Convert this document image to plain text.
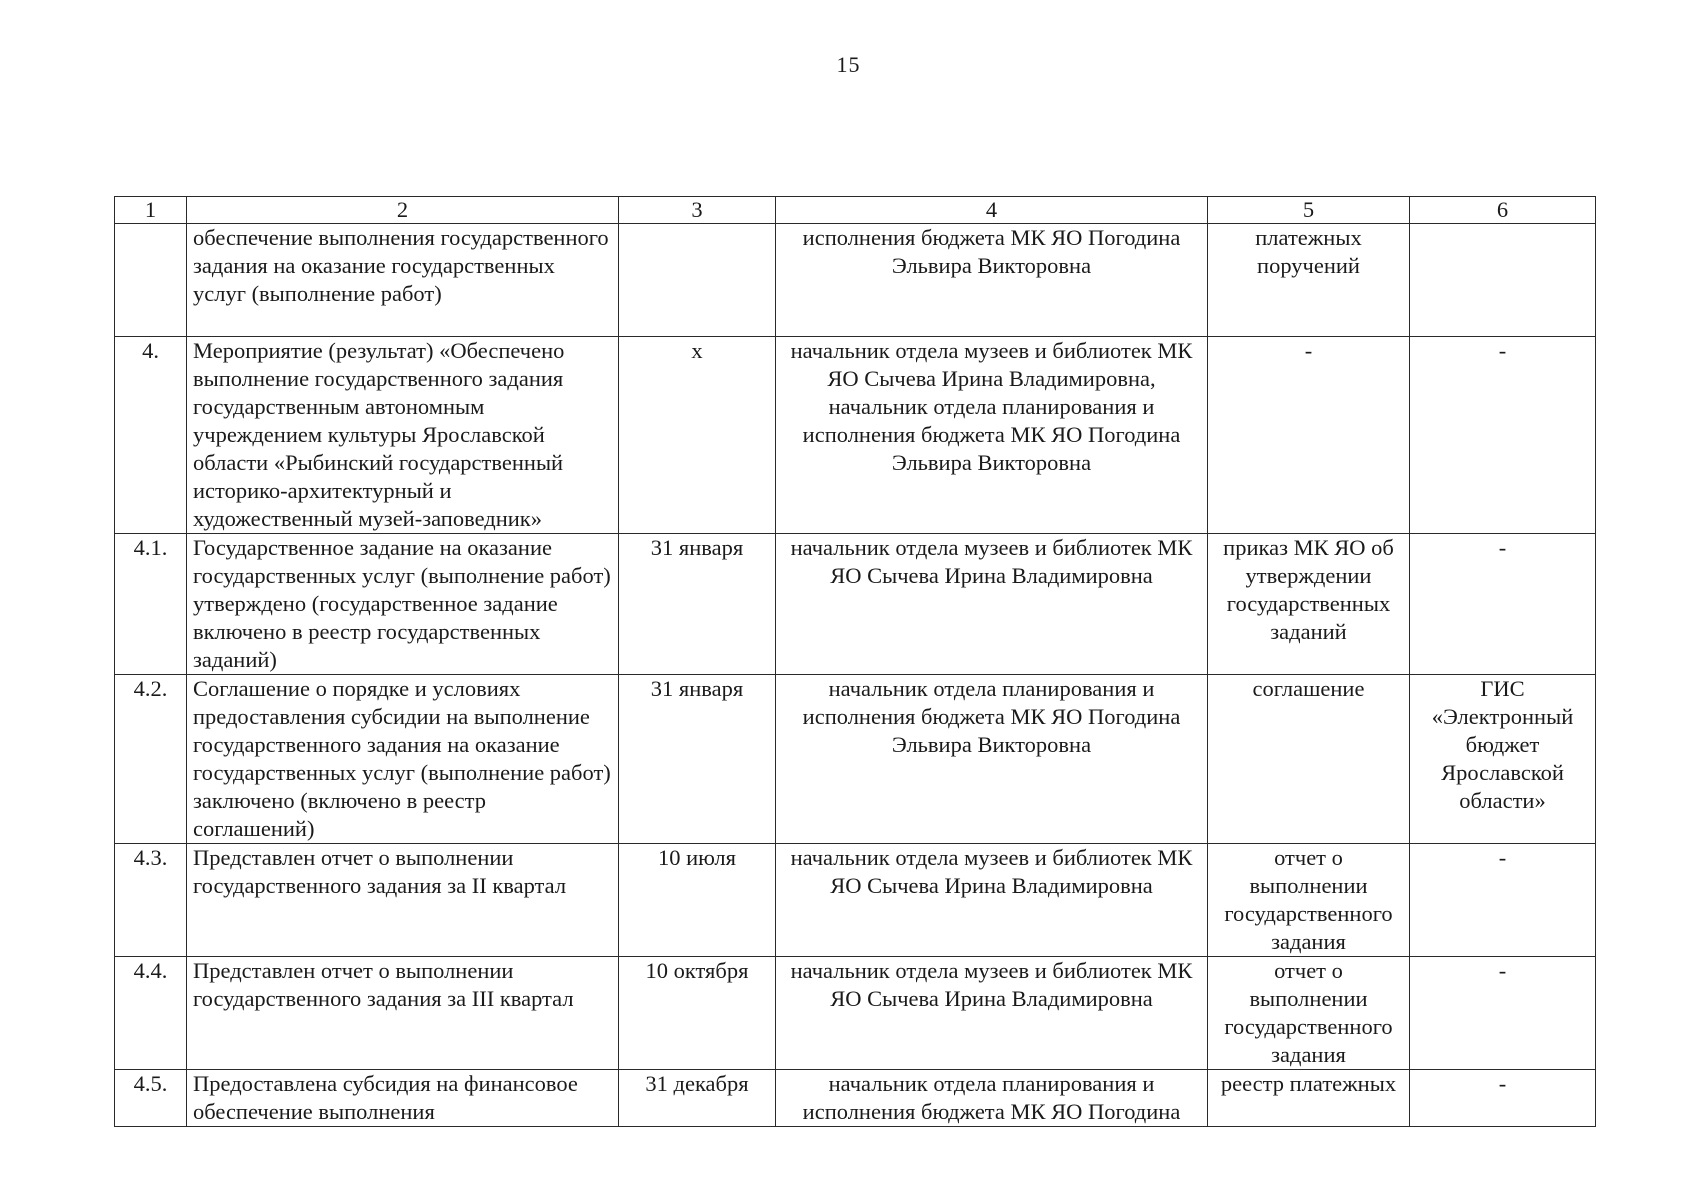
15
1	2	3	4	5	6
	обеспечение выполнения государственного задания на оказание государственных услуг (выполнение работ)		исполнения бюджета МК ЯО Погодина Эльвира Викторовна	платежных поручений	
4.	Мероприятие (результат) «Обеспечено выполнение государственного задания государственным автономным учреждением культуры Ярославской области «Рыбинский государственный историко-архитектурный и художественный музей-заповедник»	х	начальник отдела музеев и библиотек МК ЯО Сычева Ирина Владимировна, начальник отдела планирования и исполнения бюджета МК ЯО Погодина Эльвира Викторовна	-	-
4.1.	Государственное задание на оказание государственных услуг (выполнение работ) утверждено (государственное задание включено в реестр государственных заданий)	31 января	начальник отдела музеев и библиотек МК ЯО Сычева Ирина Владимировна	приказ МК ЯО об утверждении государственных заданий	-
4.2.	Соглашение о порядке и условиях предоставления субсидии на выполнение государственного задания на оказание государственных услуг (выполнение работ) заключено (включено в реестр соглашений)	31 января	начальник отдела планирования и исполнения бюджета МК ЯО Погодина Эльвира Викторовна	соглашение	ГИС «Электронный бюджет Ярославской области»
4.3.	Представлен отчет о выполнении государственного задания за II квартал	10 июля	начальник отдела музеев и библиотек МК ЯО Сычева Ирина Владимировна	отчет о выполнении государственного задания	-
4.4.	Представлен отчет о выполнении государственного задания за III квартал	10 октября	начальник отдела музеев и библиотек МК ЯО Сычева Ирина Владимировна	отчет о выполнении государственного задания	-
4.5.	Предоставлена субсидия на финансовое обеспечение выполнения	31 декабря	начальник отдела планирования и исполнения бюджета МК ЯО Погодина	реестр платежных	-
